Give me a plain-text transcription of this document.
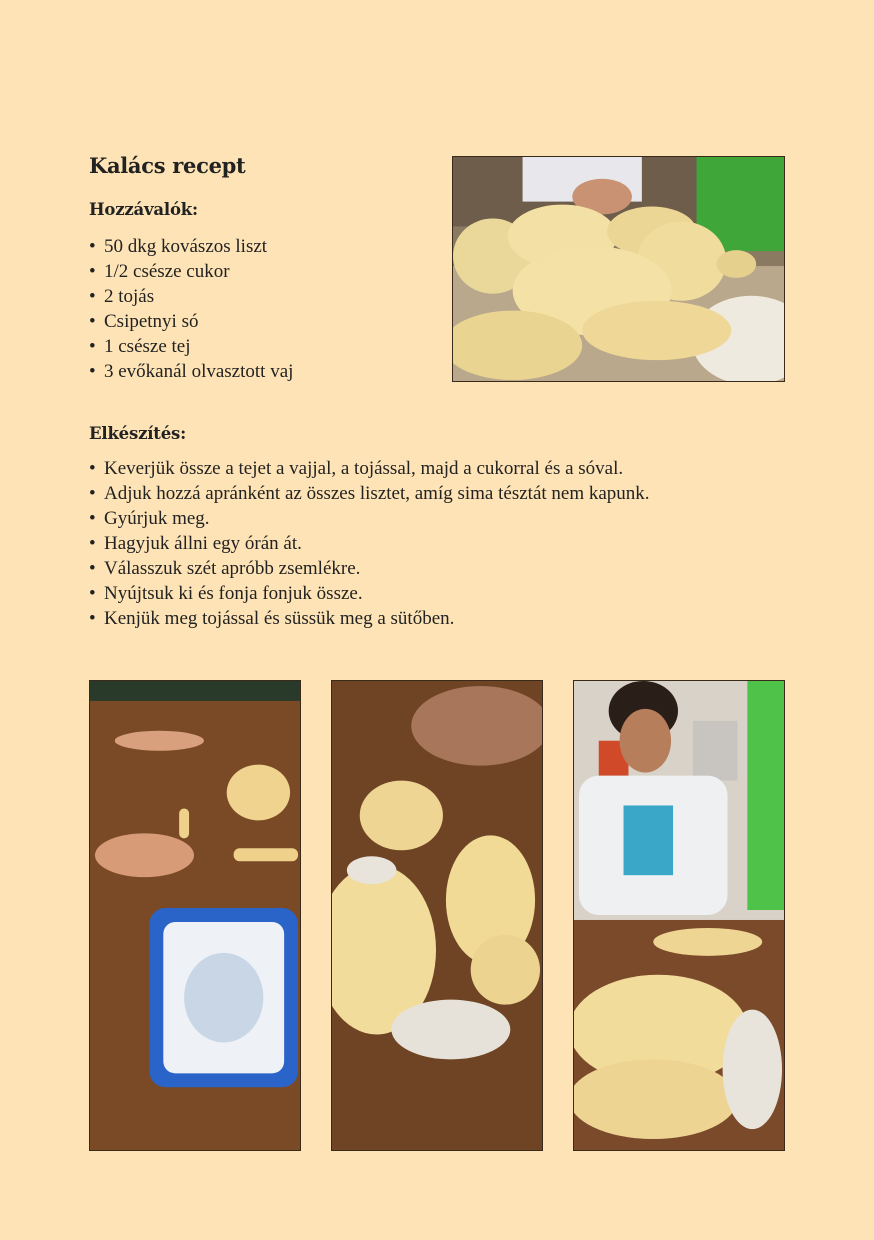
Kalács recept
Hozzávalók:
• 50 dkg kovászos liszt
• 1/2 csésze cukor
• 2 tojás
• Csipetnyi só
• 1 csésze tej
• 3 evőkanál olvasztott vaj
Elkészítés:
• Keverjük össze a tejet a vajjal, a tojással, majd a cukorral és a sóval.
• Adjuk hozzá apránként az összes lisztet, amíg sima tésztát nem kapunk.
• Gyúrjuk meg.
• Hagyjuk állni egy órán át.
• Válasszuk szét apróbb zsemlékre.
• Nyújtsuk ki és fonja fonjuk össze.
• Kenjük meg tojással és süssük meg a sütőben.
